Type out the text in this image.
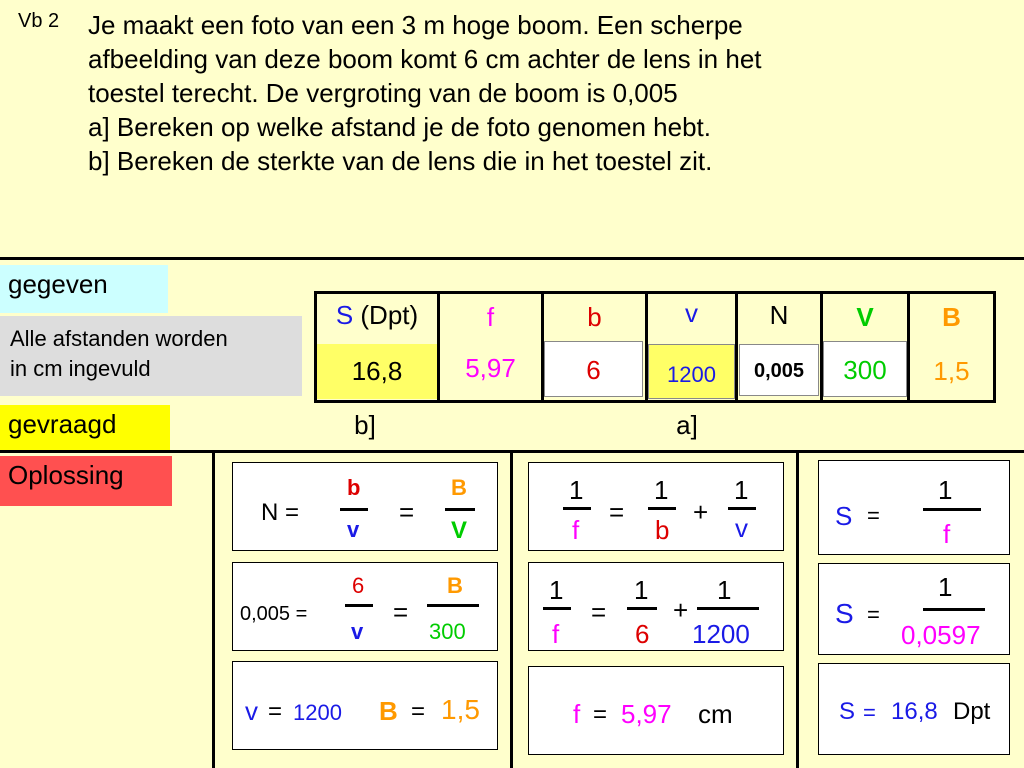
Vb 2 Je maakt een foto van een 3 m hoge boom. Een scherpe
afbeelding van deze boom komt 6 cm achter de lens in het
toestel terecht. De vergroting van de boom is 0,005
a] Bereken op welke afstand je de foto genomen hebt.
b] Bereken de sterkte van de lens die in het toestel zit.
gegeven
Alle afstanden worden
in cm ingevuld
gevraagd
Oplossing
S (Dpt)	f	b	v	N	V	B
16,8	5,97	6	1200	0,005	300	1,5
b]	a]
N =
b
v
=
B
V
0,005 =
6
v
=
B
300
v = 1200 B = 1,5
1
f
=
1
b
+
1
v
1
f
=
1
6
+
1
1200
f = 5,97 cm
S =
1
f
S =
1
0,0597
S = 16,8 Dpt
